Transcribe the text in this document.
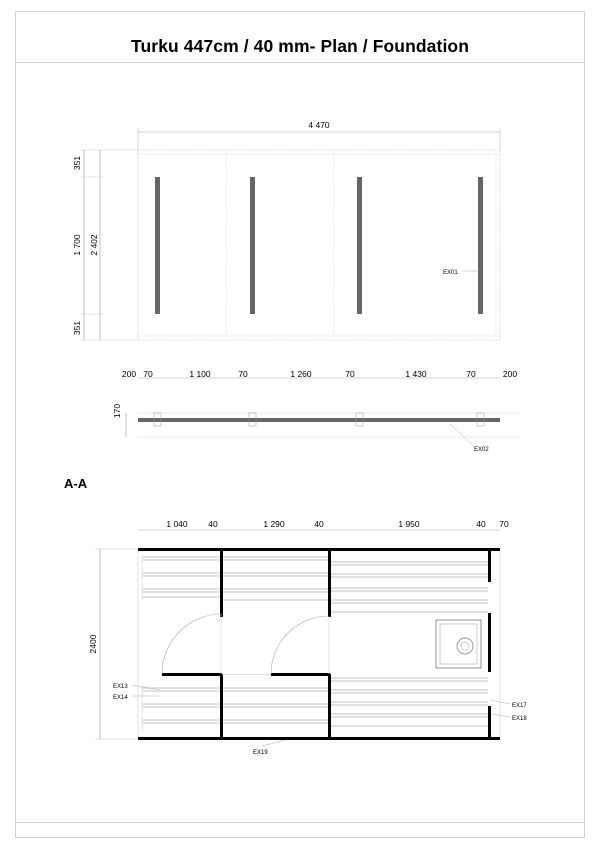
Turku 447cm / 40 mm- Plan / Foundation
A-A
4 470
351
1 700
351
2 402
EX01
200 70	1 100	70	1 260	70	1 430	70	200
170
EX02
1 040 40	1 290	40	1 950	40 70
2400
EX13
EX14
EX17
EX18
EX19
